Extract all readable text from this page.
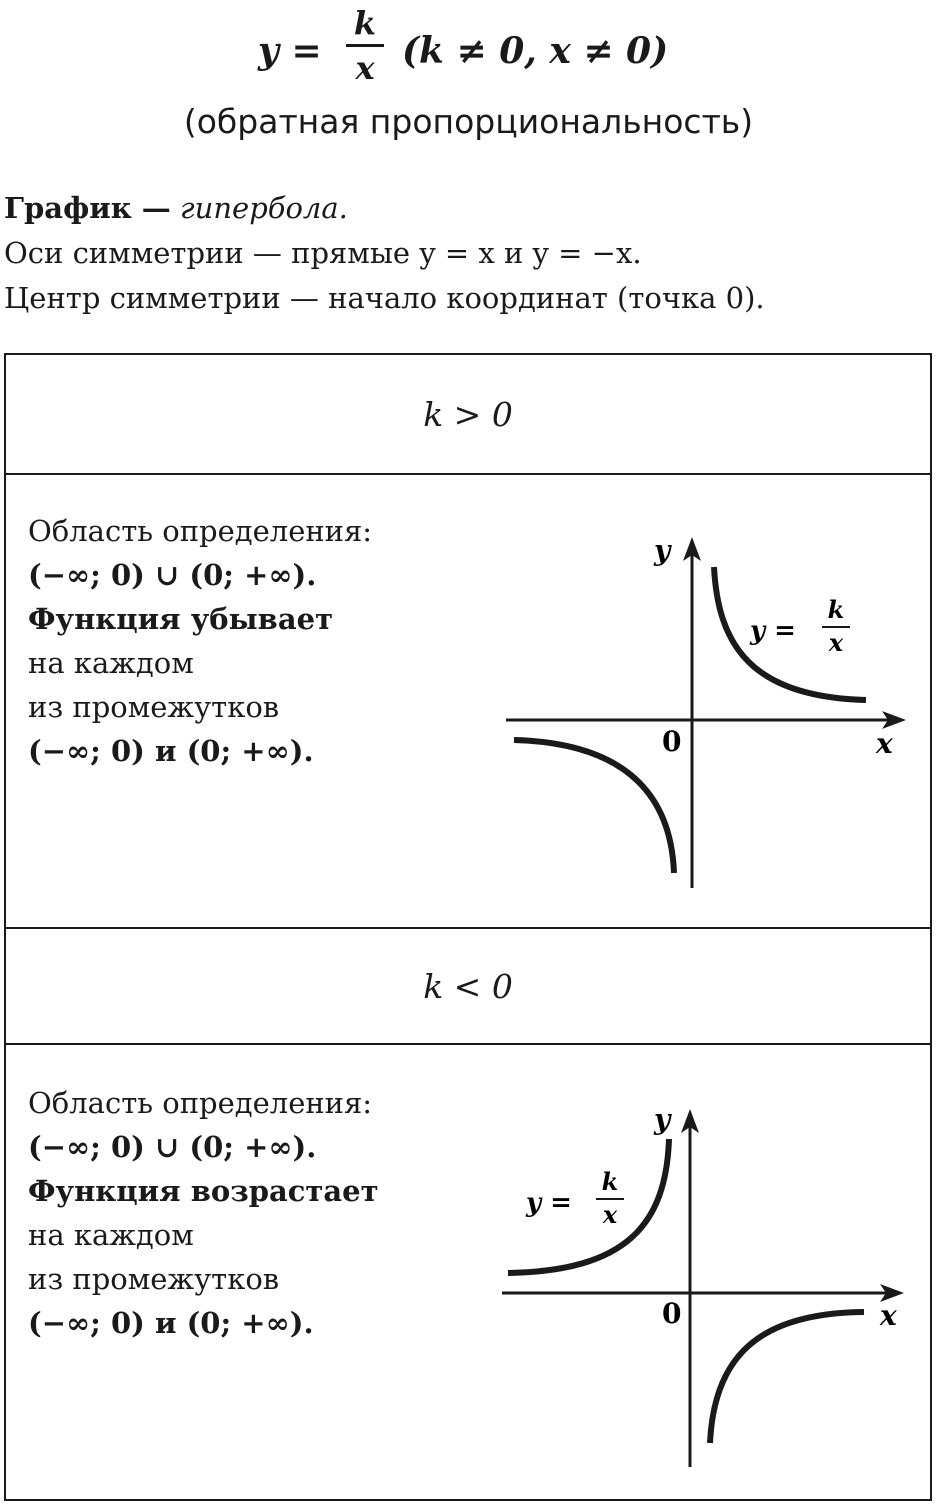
y =
k
x (k ≠ 0, x ≠ 0)
(обратная пропорциональность)
График — гипербола.
Оси симметрии — прямые y = x и y = −x.
Центр симметрии — начало координат (точка 0).
k > 0
Область определения:
(−∞; 0) ∪ (0; +∞).
Функция убывает
на каждом
из промежутков
(−∞; 0) и (0; +∞).
y
x
0
y =
k
x
k < 0
Область определения:
(−∞; 0) ∪ (0; +∞).
Функция возрастает
на каждом
из промежутков
(−∞; 0) и (0; +∞).
y
x
0
y =
k
x
